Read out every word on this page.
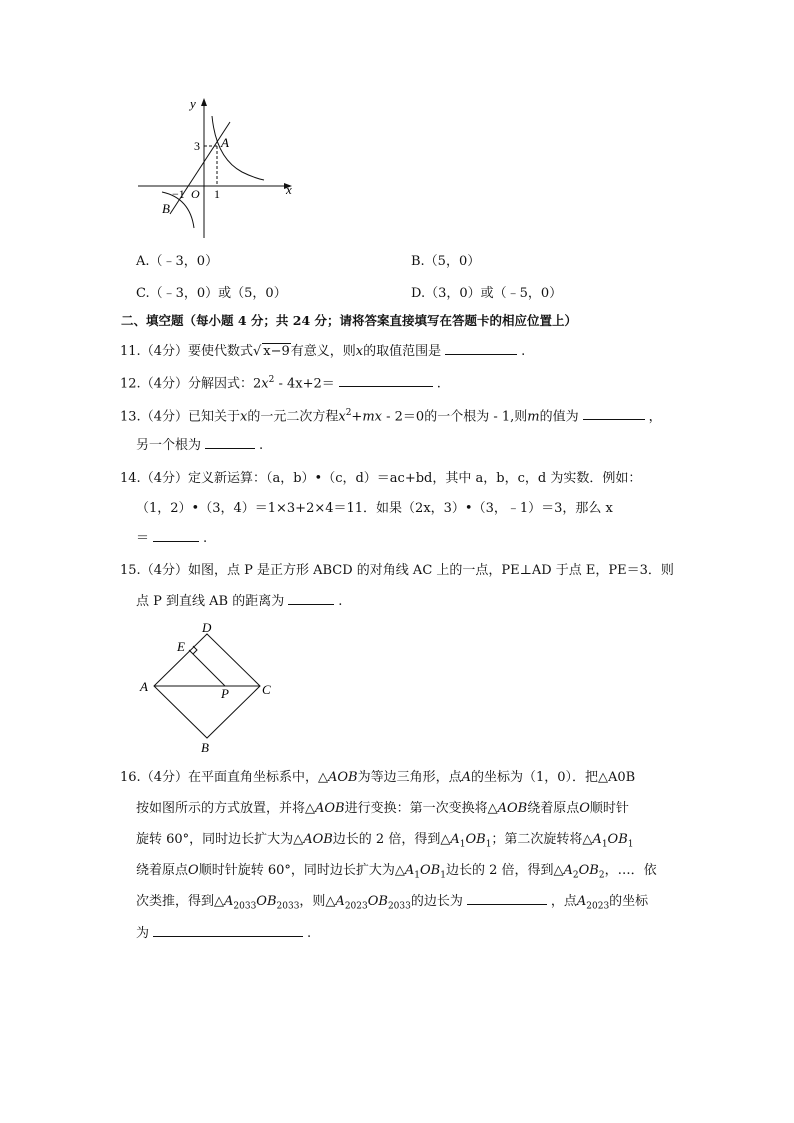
x
y
O
3
1
−1
A
B
A.（﹣3，0）	B.（5，0）
C.（﹣3，0）或（5，0）	D.（3，0）或（﹣5，0）
二、填空题（每小题 4 分；共 24 分；请将答案直接填写在答题卡的相应位置上）
11.（4分）要使代数式√ x−9有意义，则x的取值范围是	.
12.（4分）分解因式：$2x^2 - 4x+2=$	.
13.（4分）已知关于x的一元二次方程$x^2+mx - 2=0$的一个根为 - 1,则m的值为	，
另一个根为	.
14.（4分）定义新运算：（a，b）•（c，d）＝ac+bd，其中 a，b，c，d 为实数．例如：
（1，2）•（3，4）＝1×3+2×4＝11．如果（2x，3）•（3，﹣1）＝3，那么 x
＝	.
15.（4分）如图，点 P 是正方形 ABCD 的对角线 AC 上的一点，PE⊥AD 于点 E，PE＝3．则
点 P 到直线 AB 的距离为	.
A
B
C
D
E
P
16.（4分）在平面直角坐标系中，△AOB为等边三角形，点A的坐标为（1，0）．把△A0B
按如图所示的方式放置，并将△AOB进行变换：第一次变换将△AOB绕着原点O顺时针
旋转 60°，同时边长扩大为△AOB边长的 2 倍，得到$\triangle A_1OB_1$；第二次旋转将$\triangle A_1OB_1$
绕着原点O顺时针旋转 60°，同时边长扩大为$\triangle A_1OB_1$边长的 2 倍，得到$\triangle A_2OB_2$，…．依
次类推，得到$\triangle A_{2033}OB_{2033}$，则$\triangle A_{2023}OB_{2033}$的边长为	，点$A_{2023}$的坐标
为	.
